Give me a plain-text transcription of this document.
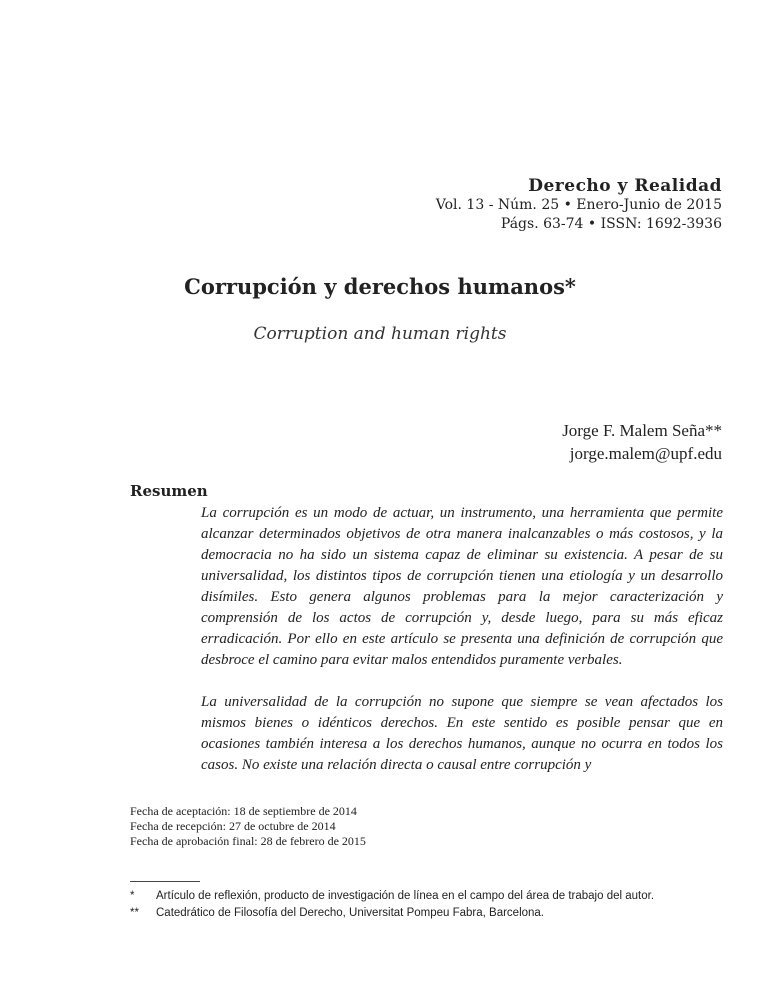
Derecho y Realidad
Vol. 13 - Núm. 25 • Enero-Junio de 2015
Págs. 63-74 • ISSN: 1692-3936
Corrupción y derechos humanos*
Corruption and human rights
Jorge F. Malem Seña**
jorge.malem@upf.edu
Resumen

La corrupción es un modo de actuar, un instrumento, una herramienta que permite alcanzar determinados objetivos de otra manera inalcanzables o más costosos, y la democracia no ha sido un sistema capaz de eliminar su existencia. A pesar de su universalidad, los distintos tipos de corrupción tienen una etiología y un desarrollo disímiles. Esto genera algunos problemas para la mejor caracterización y comprensión de los actos de corrupción y, desde luego, para su más eficaz erradicación. Por ello en este artículo se presenta una definición de corrupción que desbroce el camino para evitar malos entendidos puramente verbales.

La universalidad de la corrupción no supone que siempre se vean afectados los mismos bienes o idénticos derechos. En este sentido es posible pensar que en ocasiones también interesa a los derechos humanos, aunque no ocurra en todos los casos. No existe una relación directa o causal entre corrupción y

Fecha de aceptación: 18 de septiembre de 2014
Fecha de recepción: 27 de octubre de 2014
Fecha de aprobación final: 28 de febrero de 2015
*	Artículo de reflexión, producto de investigación de línea en el campo del área de trabajo del autor.
**	Catedrático de Filosofía del Derecho, Universitat Pompeu Fabra, Barcelona.
